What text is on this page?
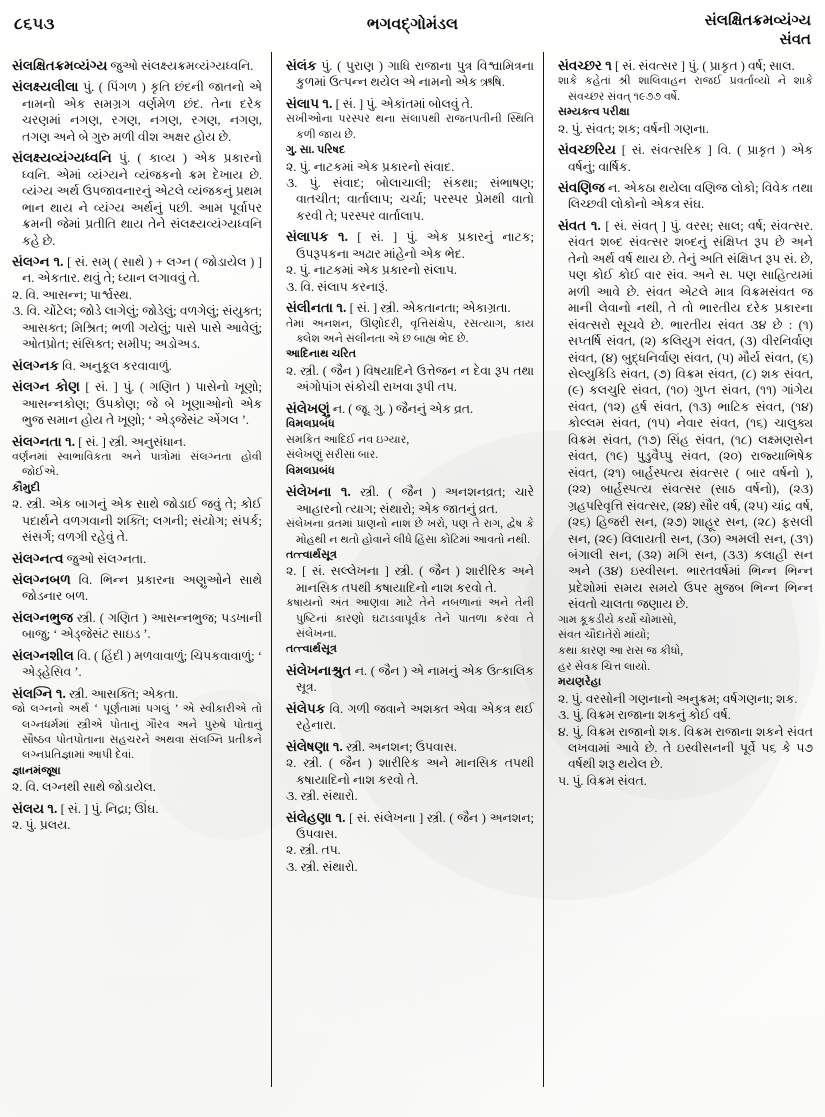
૮૬૫૩	ભગવદ્‌ગોમંડલ	સંલક્ષિતક્રમવ્યંગ્ય
સંવત

સંલક્ષિતક્રમવ્યંગ્ય જુઓ સંલક્ષ્યક્રમવ્યંગ્યધ્વનિ.

સંલક્ષ્યલીલા પું. ( પિંગળ ) કૃતિ છંદની જાતનો એ નામનો એક સમગ્રગ વર્ણમેળ છંદ. તેના દરેક ચરણમાં નગણ, રગણ, નગણ, રગણ, નગણ, તગણ અને બે ગુરુ મળી વીશ અક્ષર હોય છે.

સંલક્ષ્યવ્યંગ્યધ્વનિ પું. ( કાવ્ય ) એક પ્રકારનો ધ્વનિ. એમાં વ્યંગ્યને વ્યંજકનો ક્રમ દેખાય છે. વ્યંગ્ય અર્થ ઉપજાવનારનું એટલે વ્યંજકનું પ્રથમ ભાન થાય ને વ્યંગ્ય અર્થનું પછી. આમ પૂર્વાપર ક્રમની જેમાં પ્રતીતિ થાય તેને સંલક્ષ્યવ્યંગ્યધ્વનિ કહે છે.

સંલગ્ન ૧. [ સં. સમ્ ( સાથે ) + લગ્ન ( જોડાયેલ ) ] ન. એકતાર. થવું તે; ધ્યાન લગાવવું તે.

૨. વિ. આસન્ન; પાર્શ્વસ્થ.

૩. વિ. ચોંટેલ; જોડે લાગેલું; જોડેલું; વળગેલું; સંયુક્ત; આસક્ત; મિશ્રિત; ભળી ગયેલું; પાસે પાસે આવેલું; ઓતપ્રોત; સંસિક્ત; સમીપ; અડોઅડ.

સંલગ્નક વિ. અનુકૂલ કરવાવાળું.

સંલગ્ન કોણ [ સં. ] પું. ( ગણિત ) પાસેનો ખૂણો; આસન્નકોણ; ઉપકોણ; જે બે ખૂણાઓનો એક ભુજ સમાન હોય તે ખૂણો; ‘ એડ્‌જેસંટ એંગલ ’.

સંલગ્નતા ૧. [ સં. ] સ્ત્રી. અનુસંધાન.

વર્ણનમાં સ્વાભાવિકતા અને પાત્રોમાં સંલગ્નતા હોવી જોઈએ.

કૌમુદી

૨. સ્ત્રી. એક બાગનું એક સાથે જોડાઈ જવું તે; કોઈ પદાર્થને વળગવાની શક્તિ; લગની; સંયોગ; સંપર્ક; સંસર્ગ; વળગી રહેવું તે.

સંલગ્નત્વ જુઓ સંલગ્નતા.

સંલગ્નબળ વિ. ભિન્ન પ્રકારના અણુઓને સાથે જોડનાર બળ.

સંલગ્નભુજ સ્ત્રી. ( ગણિત ) આસન્નભુજ; પડખાની બાજુ; ‘ એડ્‌જેસંટ સાઇડ ’.

સંલગ્નશીલ વિ. ( હિંદી ) મળવાવાળું; ચિપકવાવાળું; ‘ એડ્‌હેસિવ ’.

સંલગ્નિ ૧. સ્ત્રી. આસક્તિ; એકતા.

જો લગ્નનો અર્થ ‘ પૂર્ણતામાં પગલું ’ એ સ્વીકારીએ તો લગ્નધર્મમાં સ્ત્રીએ પોતાનું ગૌરવ અને પુરુષે પોતાનું સૌષ્ઠવ પોતપોતાના સહચરને અથવા સંલગ્નિ પ્રતીકને લગ્નપ્રતિજ્ઞામાં આપી દેવાં.

જ્ઞાનમંજૂષા

૨. વિ. લગ્નથી સાથે જોડાયેલ.

સંલય ૧. [ સં. ] પું. નિદ્રા; ઊંઘ.

૨. પું. પ્રલય.

સંલંક પું. ( પુરાણ ) ગાધિ રાજાના પુત્ર વિશ્વામિત્રના કુળમાં ઉત્પન્ન થયેલ એ નામનો એક ઋષિ.

સંલાપ ૧. [ સં. ] પું. એકાંતમાં બોલવું તે.

સખીઓના પરસ્પર થના સંલાપથી રાજતપતીની સ્થિતિ કળી જાય છે.

ગુ. સા. પરિષદ

૨. પું. નાટકમાં એક પ્રકારનો સંવાદ.

૩. પું. સંવાદ; બોલાચાલી; સંકથા; સંભાષણ; વાતચીત; વાર્તાલાપ; ચર્ચા; પરસ્પર પ્રેમથી વાતો કરવી તે; પરસ્પર વાર્તાલાપ.

સંલાપક ૧. [ સં. ] પું. એક પ્રકારનું નાટક; ઉપરૂપકના અઢાર માંહેનો એક ભેદ.

૨. પું. નાટકમાં એક પ્રકારનો સંલાપ.

૩. વિ. સંલાપ કરનારૂં.

સંલીનતા ૧. [ સં. ] સ્ત્રી. એકતાનતા; એકાગ્રતા.

તેમાં અનશન, ઊણોદરી, વૃત્તિસંક્ષેપ, રસત્યાગ, કાય ક્લેશ અને સંલીનતા એ છ બાહ્ય ભેદ છે.

આદિનાથ ચરિત

૨. સ્ત્રી. ( જૈન ) વિષયાદિને ઉત્તેજન ન દેવા રૂપ તથા અંગોપાંગ સંકોચી રાખવા રૂપી તપ.

સંલેખણું ન. ( જૂ. ગુ. ) જૈનનું એક વ્રત.

વિમલપ્રબંધ

સમકિત આદિઈ નવ ઇગ્યાર,

સંલેખણું સરીસાં બાર.

વિમલપ્રબંધ

સંલેખના ૧. સ્ત્રી. ( જૈન ) અનશનવ્રત; ચારે આહારનો ત્યાગ; સંથારો; એક જાતનું વ્રત.

સંલેખના વ્રતમાં પ્રાણનો નાશ છે ખરો, પણ તે રાગ, દ્વેષ કે મોહથી ન થતો હોવાને લીધે હિંસા કોટિમાં આવતો નથી.

તત્ત્વાર્થસૂત્ર

૨. [ સં. સલ્લેખના ] સ્ત્રી. ( જૈન ) શારીરિક અને માનસિક તપથી કષાયાદિનો નાશ કરવો તે.

કષાયનો અંત આણવા માટે તેને નબળાનાં અને તેની પુષ્ટિનાં કારણો ઘટાડવાપૂર્વક તેને પાતળા કરવા તે સંલેખના.

તત્ત્વાર્થસૂત્ર

સંલેખનાશ્રુત ન. ( જૈન ) એ નામનું એક ઉત્કાલિક સૂત્ર.

સંલેપક વિ. ગળી જવાને અશક્ત એવા એકત્ર થઈ રહેનારા.

સંલેષણા ૧. સ્ત્રી. અનશન; ઉપવાસ.

૨. સ્ત્રી. ( જૈન ) શારીરિક અને માનસિક તપથી કષાયાદિનો નાશ કરવો તે.

૩. સ્ત્રી. સંથારો.

સંલેહણા ૧. [ સં. સંલેખના ] સ્ત્રી. ( જૈન ) અનશન; ઉપવાસ.

૨. સ્ત્રી. તપ.

૩. સ્ત્રી. સંથારો.

સંવચ્છર ૧ [ સં. સંવત્સર ] પું. ( પ્રાકૃત ) વર્ષ; સાલ.

શાકે કહેતાં શ્રી શાલિવાહન રાજઈ પ્રવર્તાવ્યો ને શાકે સંવચ્છર સંવત્ ૧૯૭૭ વર્ષે.

સમ્યક્ત્વ પરીક્ષા

૨. પું. સંવત; શક; વર્ષની ગણના.

સંવચ્છરિય [ સં. સંવત્સરિક ] વિ. ( પ્રાકૃત ) એક વર્ષનું; વાર્ષિક.

સંવણિજ ન. એકઠા થયેલા વણિજ લોકો; વિવેક તથા લિચ્છવી લોકોનો એકત્ર સંઘ.

સંવત ૧. [ સં. સંવત્ ] પું. વરસ; સાલ; વર્ષ; સંવત્સર. સંવત શબ્દ સંવત્સર શબ્દનું સંક્ષિપ્ત રૂપ છે અને તેનો અર્થ વર્ષ થાય છે. તેનું અતિ સંક્ષિપ્ત રૂપ સં. છે, પણ કોઈ કોઈ વાર સંવ. અને સ. પણ સાહિત્યમાં મળી આવે છે. સંવત એટલે માત્ર વિક્રમસંવત જ માની લેવાનો નથી, તે તો ભારતીય દરેક પ્રકારના સંવત્સરો સૂચવે છે. ભારતીય સંવત ૩૪ છે : (૧) સપ્તર્ષિ સંવત, (૨) કલિયુગ સંવત, (૩) વીરનિર્વાણ સંવત, (૪) બુદ્ધનિર્વાણ સંવત, (૫) મૌર્ય સંવત, (૬) સેલ્યુકિડિ સંવત, (૭) વિક્રમ સંવત, (૮) શક સંવત, (૯) કલચુરિ સંવત, (૧૦) ગુપ્ત સંવત, (૧૧) ગાંગેય સંવત, (૧૨) હર્ષ સંવત, (૧૩) ભાટિક સંવત, (૧૪) કોલ્લમ સંવત, (૧૫) નેવાર સંવત, (૧૬) ચાલુક્ય વિક્રમ સંવત, (૧૭) સિંહ સંવત, (૧૮) લક્ષ્મણસેન સંવત, (૧૯) પુડુવૈપ્પુ સંવત, (૨૦) રાજ્યાભિષેક સંવત, (૨૧) બાર્હસ્પત્ય સંવત્સર ( બાર વર્ષનો ), (૨૨) બાર્હસ્પત્ય સંવત્સર (સાઠ વર્ષનો), (૨૩) ગ્રહપરિવૃત્તિ સંવત્સર, (૨૪) સૌર વર્ષ, (૨૫) ચાંદ્ર વર્ષ, (૨૬) હિજરી સન, (૨૭) શાહૂર સન, (૨૮) ફસલી સન, (૨૯) વિલાયતી સન, (૩૦) અમલી સન, (૩૧) બંગાલી સન, (૩૨) મગિ સન, (૩૩) કલાહી સન અને (૩૪) ઇસ્વીસન. ભારતવર્ષમાં ભિન્ન ભિન્ન પ્રદેશોમાં સમય સમયે ઉપર મુજબ ભિન્ન ભિન્ન સંવતો ચાલતા જણાય છે.

ગામ કૂકડીયે કર્યો ચોમાસો,

સંવત ચૌદાતેરો માંયો;

કથા કારણ આ રાસ જ કીધો,

હર સેવક ચિત્ત લાયો.

મયણરેહા

૨. પું. વરસોની ગણનાનો અનુક્રમ; વર્ષગણના; શક.

૩. પું. વિક્રમ રાજાના શકનું કોઈ વર્ષ.

૪. પું. વિક્રમ રાજાનો શક. વિક્રમ રાજાના શકને સંવત લખવામાં આવે છે. તે ઇસ્વીસનની પૂર્વે ૫૬ કે ૫૭ વર્ષથી શરૂ થયેલ છે.

૫. પું. વિક્રમ સંવત.
